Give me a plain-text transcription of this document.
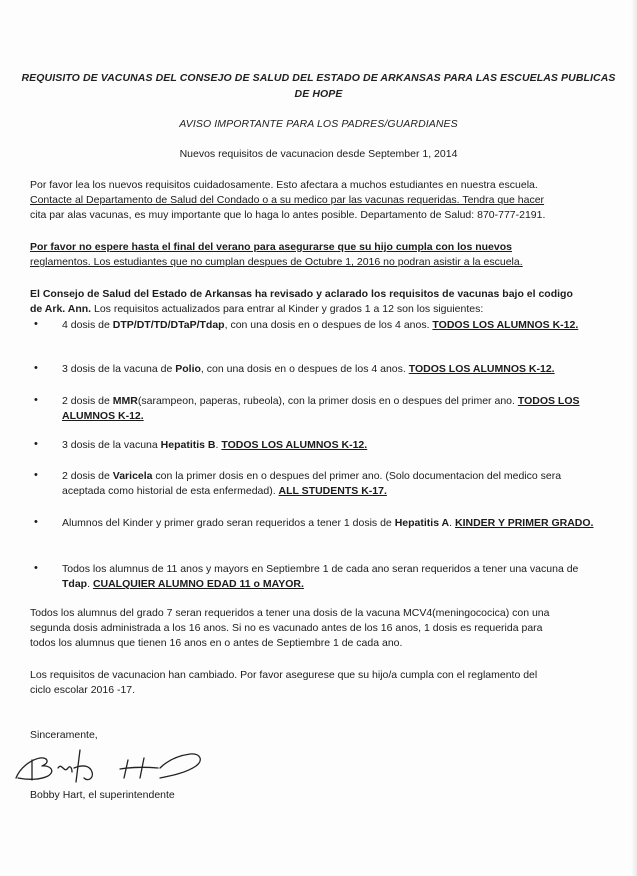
REQUISITO DE VACUNAS DEL CONSEJO DE SALUD DEL ESTADO DE ARKANSAS PARA LAS ESCUELAS PUBLICAS
DE HOPE
AVISO IMPORTANTE PARA LOS PADRES/GUARDIANES
Nuevos requisitos de vacunacion desde September 1, 2014
Por favor lea los nuevos requisitos cuidadosamente. Esto afectara a muchos estudiantes en nuestra escuela.
Contacte al Departamento de Salud del Condado o a su medico par las vacunas requeridas. Tendra que hacer
cita par alas vacunas, es muy importante que lo haga lo antes posible. Departamento de Salud: 870-777-2191.
Por favor no espere hasta el final del verano para asegurarse que su hijo cumpla con los nuevos
reglamentos. Los estudiantes que no cumplan despues de Octubre 1, 2016 no podran asistir a la escuela.
El Consejo de Salud del Estado de Arkansas ha revisado y aclarado los requisitos de vacunas bajo el codigo
de Ark. Ann. Los requisitos actualizados para entrar al Kinder y grados 1 a 12 son los siguientes:
• 4 dosis de DTP/DT/TD/DTaP/Tdap, con una dosis en o despues de los 4 anos. TODOS LOS ALUMNOS K-12.
• 3 dosis de la vacuna de Polio, con una dosis en o despues de los 4 anos. TODOS LOS ALUMNOS K-12.
• 2 dosis de MMR(sarampeon, paperas, rubeola), con la primer dosis en o despues del primer ano. TODOS LOS ALUMNOS K-12.
• 3 dosis de la vacuna Hepatitis B. TODOS LOS ALUMNOS K-12.
• 2 dosis de Varicela con la primer dosis en o despues del primer ano. (Solo documentacion del medico sera aceptada como historial de esta enfermedad). ALL STUDENTS K-17.
• Alumnos del Kinder y primer grado seran requeridos a tener 1 dosis de Hepatitis A. KINDER Y PRIMER GRADO.
• Todos los alumnus de 11 anos y mayors en Septiembre 1 de cada ano seran requeridos a tener una vacuna de Tdap. CUALQUIER ALUMNO EDAD 11 o MAYOR.
Todos los alumnus del grado 7 seran requeridos a tener una dosis de la vacuna MCV4(meningococica) con una
segunda dosis administrada a los 16 anos. Si no es vacunado antes de los 16 anos, 1 dosis es requerida para
todos los alumnus que tienen 16 anos en o antes de Septiembre 1 de cada ano.
Los requisitos de vacunacion han cambiado. Por favor asegurese que su hijo/a cumpla con el reglamento del
ciclo escolar 2016 -17.
Sinceramente,
Bobby Hart, el superintendente
